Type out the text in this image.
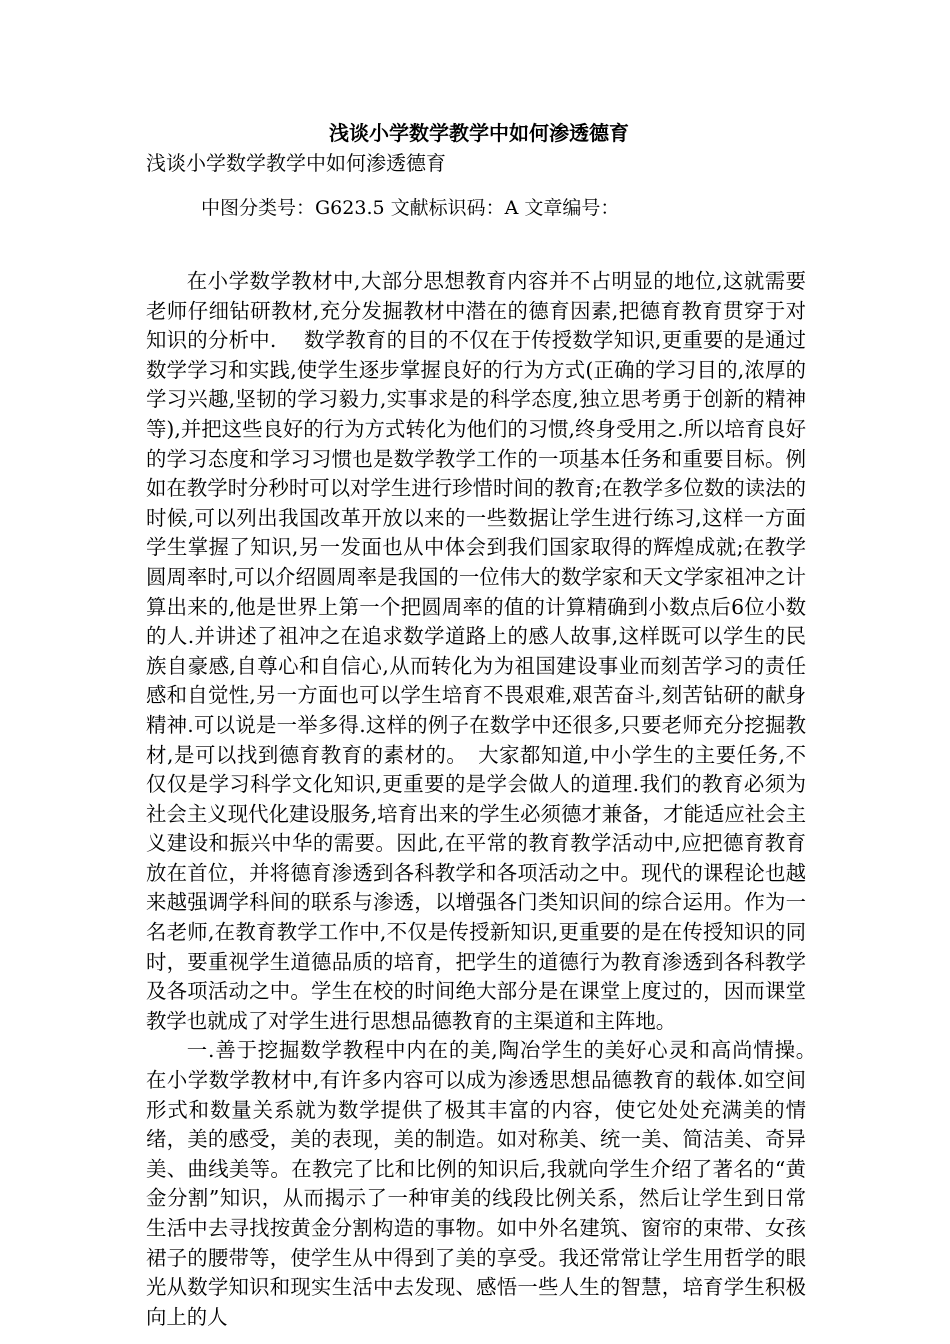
浅谈小学数学教学中如何渗透德育

浅谈小学数学教学中如何渗透德育

中图分类号：G623.5 文献标识码：A 文章编号：

在小学数学教材中,大部分思想教育内容并不占明显的地位,这就需要老师仔细钻研教材,充分发掘教材中潜在的德育因素,把德育教育贯穿于对知识的分析中.　 数学教育的目的不仅在于传授数学知识,更重要的是通过数学学习和实践,使学生逐步掌握良好的行为方式(正确的学习目的,浓厚的学习兴趣,坚韧的学习毅力,实事求是的科学态度,独立思考勇于创新的精神等),并把这些良好的行为方式转化为他们的习惯,终身受用之.所以培育良好的学习态度和学习习惯也是数学教学工作的一项基本任务和重要目标。例如在教学时分秒时可以对学生进行珍惜时间的教育;在教学多位数的读法的时候,可以列出我国改革开放以来的一些数据让学生进行练习,这样一方面学生掌握了知识,另一发面也从中体会到我们国家取得的辉煌成就;在教学圆周率时,可以介绍圆周率是我国的一位伟大的数学家和天文学家祖冲之计算出来的,他是世界上第一个把圆周率的值的计算精确到小数点后6位小数的人.并讲述了祖冲之在追求数学道路上的感人故事,这样既可以学生的民族自豪感,自尊心和自信心,从而转化为为祖国建设事业而刻苦学习的责任感和自觉性,另一方面也可以学生培育不畏艰难,艰苦奋斗,刻苦钻研的献身精神.可以说是一举多得.这样的例子在数学中还很多,只要老师充分挖掘教材,是可以找到德育教育的素材的。　大家都知道,中小学生的主要任务,不仅仅是学习科学文化知识,更重要的是学会做人的道理.我们的教育必须为社会主义现代化建设服务,培育出来的学生必须德才兼备，才能适应社会主义建设和振兴中华的需要。因此,在平常的教育教学活动中,应把德育教育放在首位，并将德育渗透到各科教学和各项活动之中。现代的课程论也越来越强调学科间的联系与渗透，以增强各门类知识间的综合运用。作为一名老师,在教育教学工作中,不仅是传授新知识,更重要的是在传授知识的同时，要重视学生道德品质的培育，把学生的道德行为教育渗透到各科教学及各项活动之中。学生在校的时间绝大部分是在课堂上度过的，因而课堂教学也就成了对学生进行思想品德教育的主渠道和主阵地。

一.善于挖掘数学教程中内在的美,陶冶学生的美好心灵和高尚情操。　在小学数学教材中,有许多内容可以成为渗透思想品德教育的载体.如空间形式和数量关系就为数学提供了极其丰富的内容，使它处处充满美的情绪，美的感受，美的表现，美的制造。如对称美、统一美、简洁美、奇异美、曲线美等。在教完了比和比例的知识后,我就向学生介绍了著名的“黄金分割”知识，从而揭示了一种审美的线段比例关系，然后让学生到日常生活中去寻找按黄金分割构造的事物。如中外名建筑、窗帘的束带、女孩裙子的腰带等，使学生从中得到了美的享受。我还常常让学生用哲学的眼光从数学知识和现实生活中去发现、感悟一些人生的智慧，培育学生积极向上的人
